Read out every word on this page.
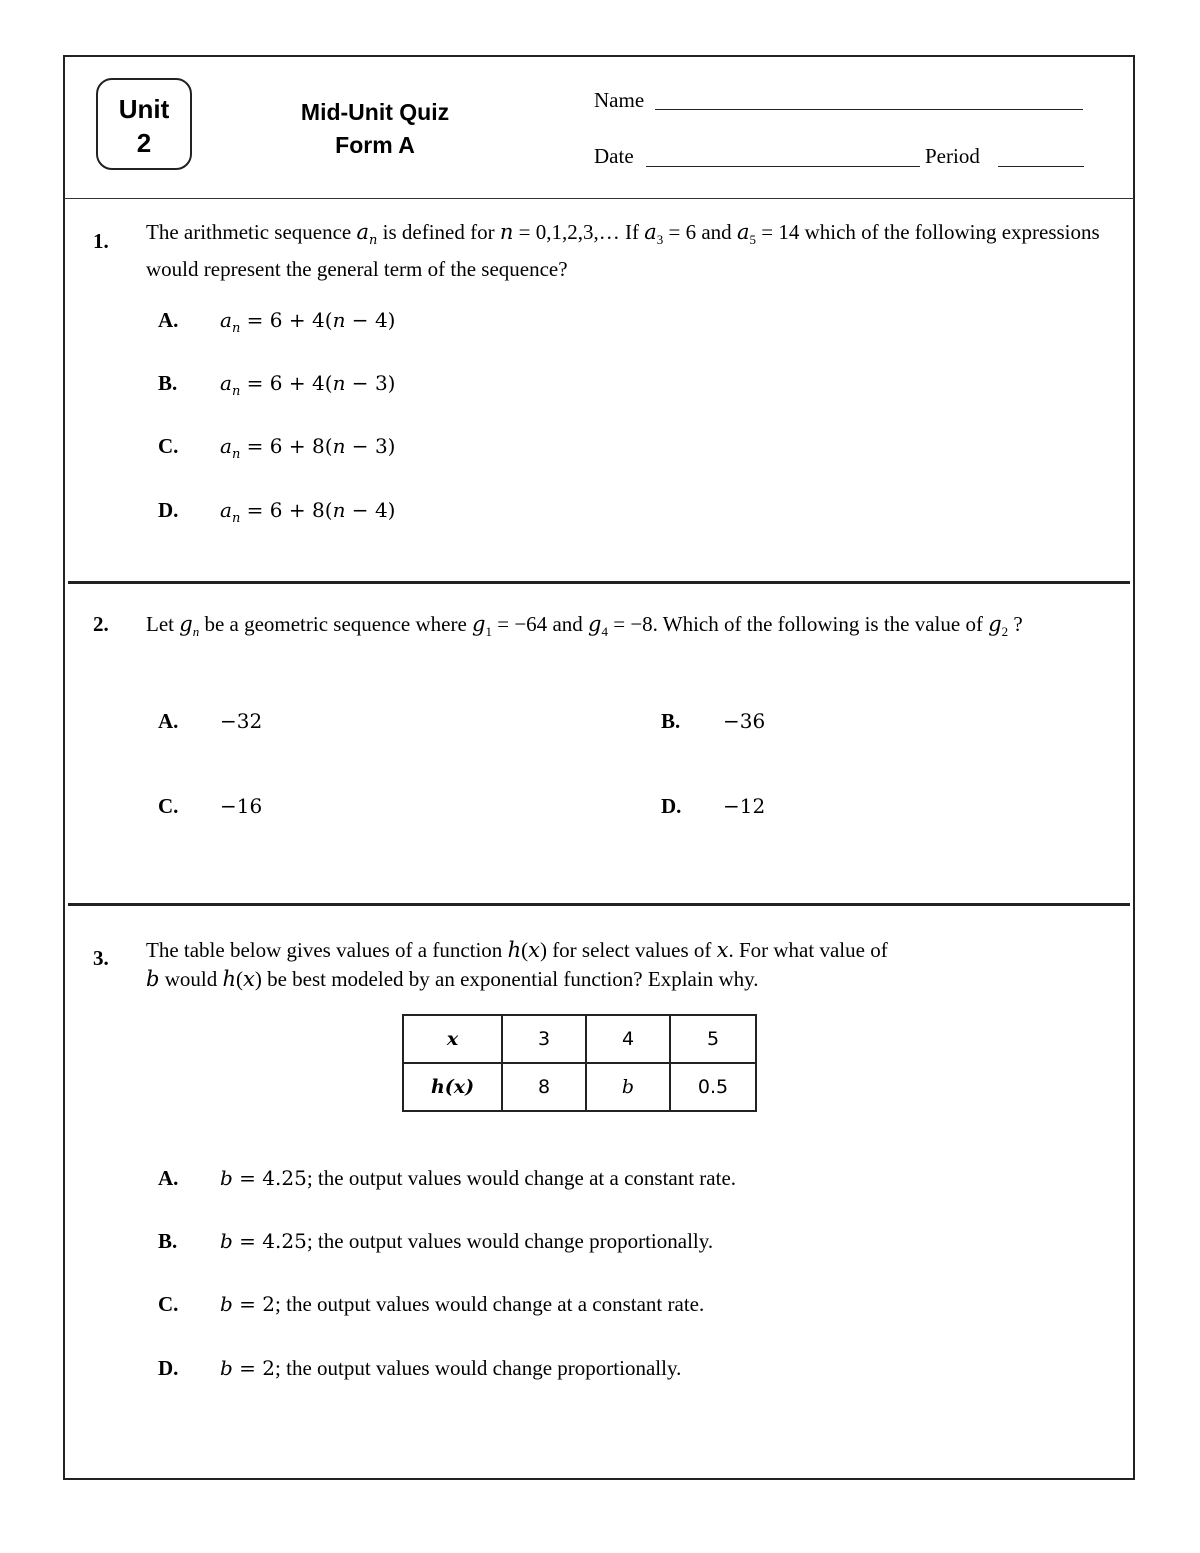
Unit
2
Mid-Unit Quiz
Form A
Name
Date	Period
1. The arithmetic sequence $a_n$ is defined for n = 0,1,2,3,… If $a_3 = 6$ and $a_5 = 14$ which of the following expressions would represent the general term of the sequence?
A. $a_n = 6 + 4(n - 4)$
B. $a_n = 6 + 4(n - 3)$
C. $a_n = 6 + 8(n - 3)$
D. $a_n = 6 + 8(n - 4)$
2. Let $g_n$ be a geometric sequence where $g_1 = -64$ and $g_4 = -8$. Which of the following is the value of $g_2$ ?
A. −32	B. −36
C. −16	D. −12
3. The table below gives values of a function h(x) for select values of x. For what value of
b would h(x) be best modeled by an exponential function? Explain why.
x	3	4	5
h(x)	8	b	0.5
A. b = 4.25; the output values would change at a constant rate.
B. b = 4.25; the output values would change proportionally.
C. b = 2; the output values would change at a constant rate.
D. b = 2; the output values would change proportionally.
